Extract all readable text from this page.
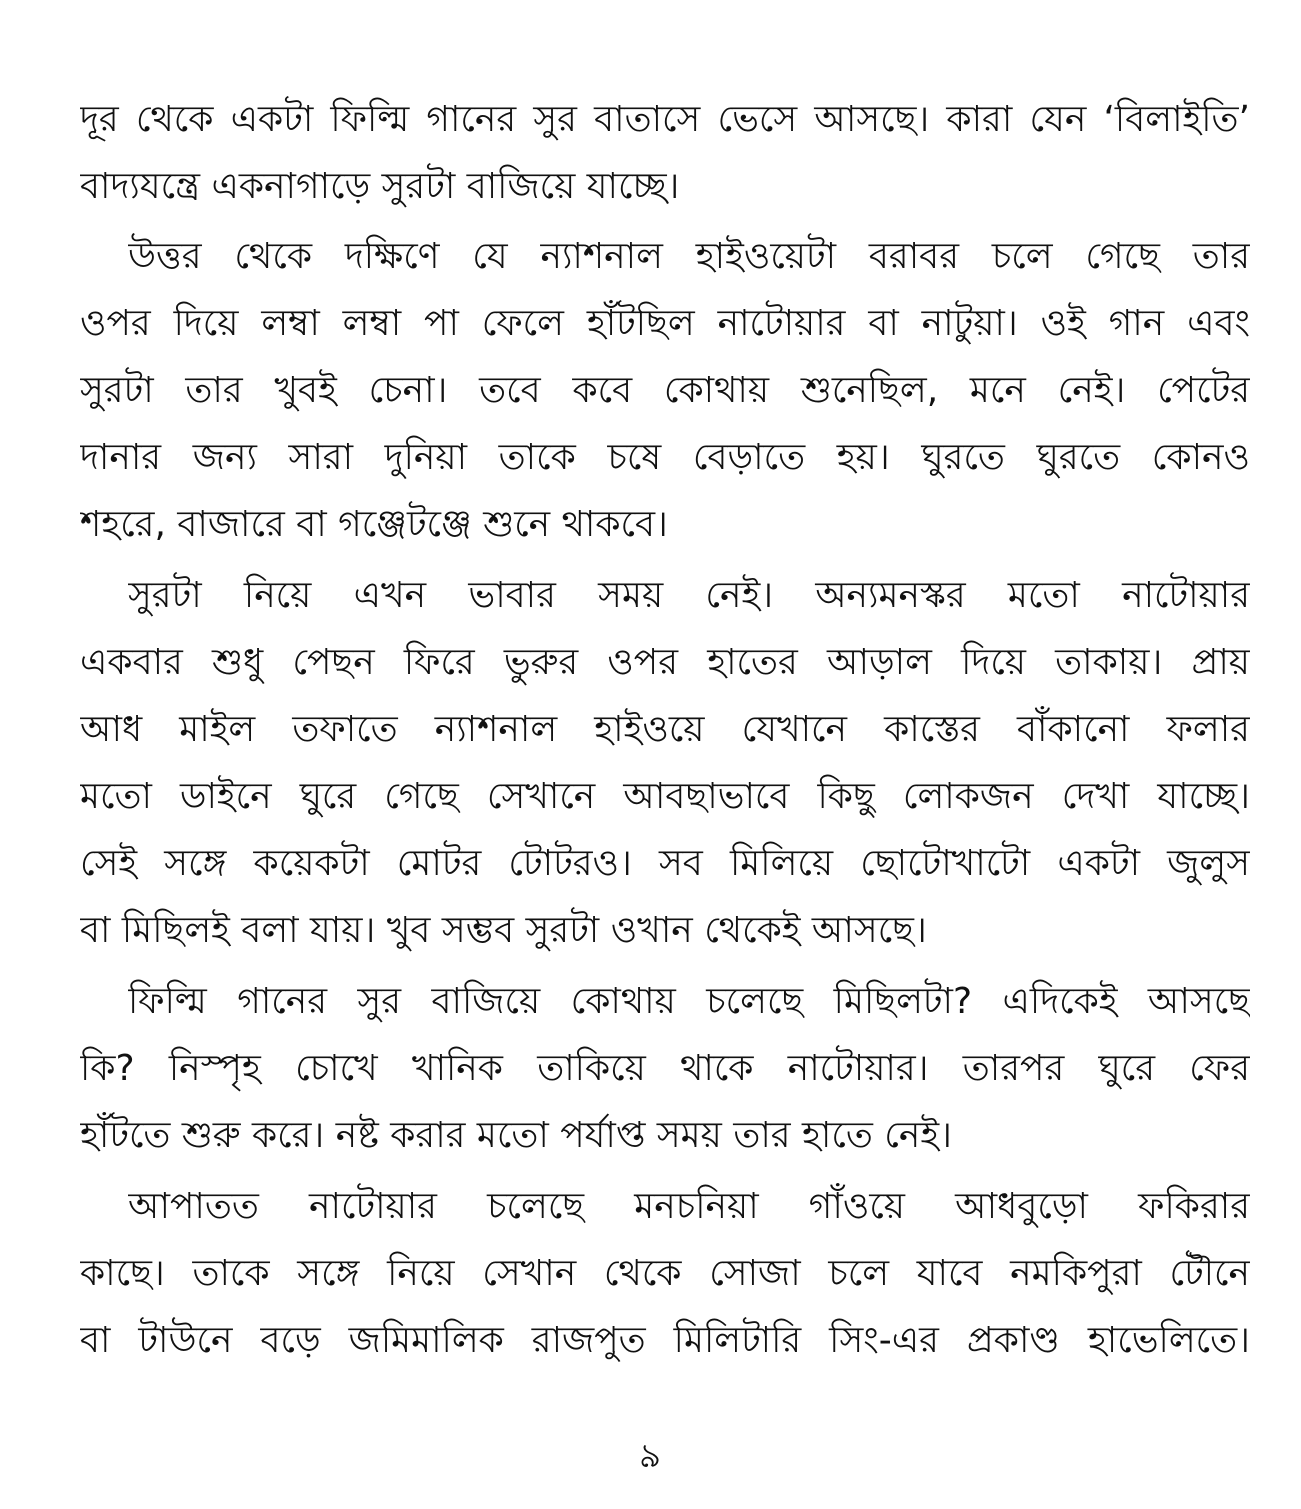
দূর থেকে একটা ফিল্মি গানের সুর বাতাসে ভেসে আসছে। কারা যেন ‘বিলাইতি’
বাদ্যযন্ত্রে একনাগাড়ে সুরটা বাজিয়ে যাচ্ছে।
উত্তর থেকে দক্ষিণে যে ন্যাশনাল হাইওয়েটা বরাবর চলে গেছে তার
ওপর দিয়ে লম্বা লম্বা পা ফেলে হাঁটছিল নাটোয়ার বা নাটুয়া। ওই গান এবং
সুরটা তার খুবই চেনা। তবে কবে কোথায় শুনেছিল, মনে নেই। পেটের
দানার জন্য সারা দুনিয়া তাকে চষে বেড়াতে হয়। ঘুরতে ঘুরতে কোনও
শহরে, বাজারে বা গঞ্জেটঞ্জে শুনে থাকবে।
সুরটা নিয়ে এখন ভাবার সময় নেই। অন্যমনস্কর মতো নাটোয়ার
একবার শুধু পেছন ফিরে ভুরুর ওপর হাতের আড়াল দিয়ে তাকায়। প্রায়
আধ মাইল তফাতে ন্যাশনাল হাইওয়ে যেখানে কাস্তের বাঁকানো ফলার
মতো ডাইনে ঘুরে গেছে সেখানে আবছাভাবে কিছু লোকজন দেখা যাচ্ছে।
সেই সঙ্গে কয়েকটা মোটর টোটরও। সব মিলিয়ে ছোটোখাটো একটা জুলুস
বা মিছিলই বলা যায়। খুব সম্ভব সুরটা ওখান থেকেই আসছে।
ফিল্মি গানের সুর বাজিয়ে কোথায় চলেছে মিছিলটা? এদিকেই আসছে
কি? নিস্পৃহ চোখে খানিক তাকিয়ে থাকে নাটোয়ার। তারপর ঘুরে ফের
হাঁটতে শুরু করে। নষ্ট করার মতো পর্যাপ্ত সময় তার হাতে নেই।
আপাতত নাটোয়ার চলেছে মনচনিয়া গাঁওয়ে আধবুড়ো ফকিরার
কাছে। তাকে সঙ্গে নিয়ে সেখান থেকে সোজা চলে যাবে নমকিপুরা টৌনে
বা টাউনে বড়ে জমিমালিক রাজপুত মিলিটারি সিং-এর প্রকাণ্ড হাভেলিতে।
৯
